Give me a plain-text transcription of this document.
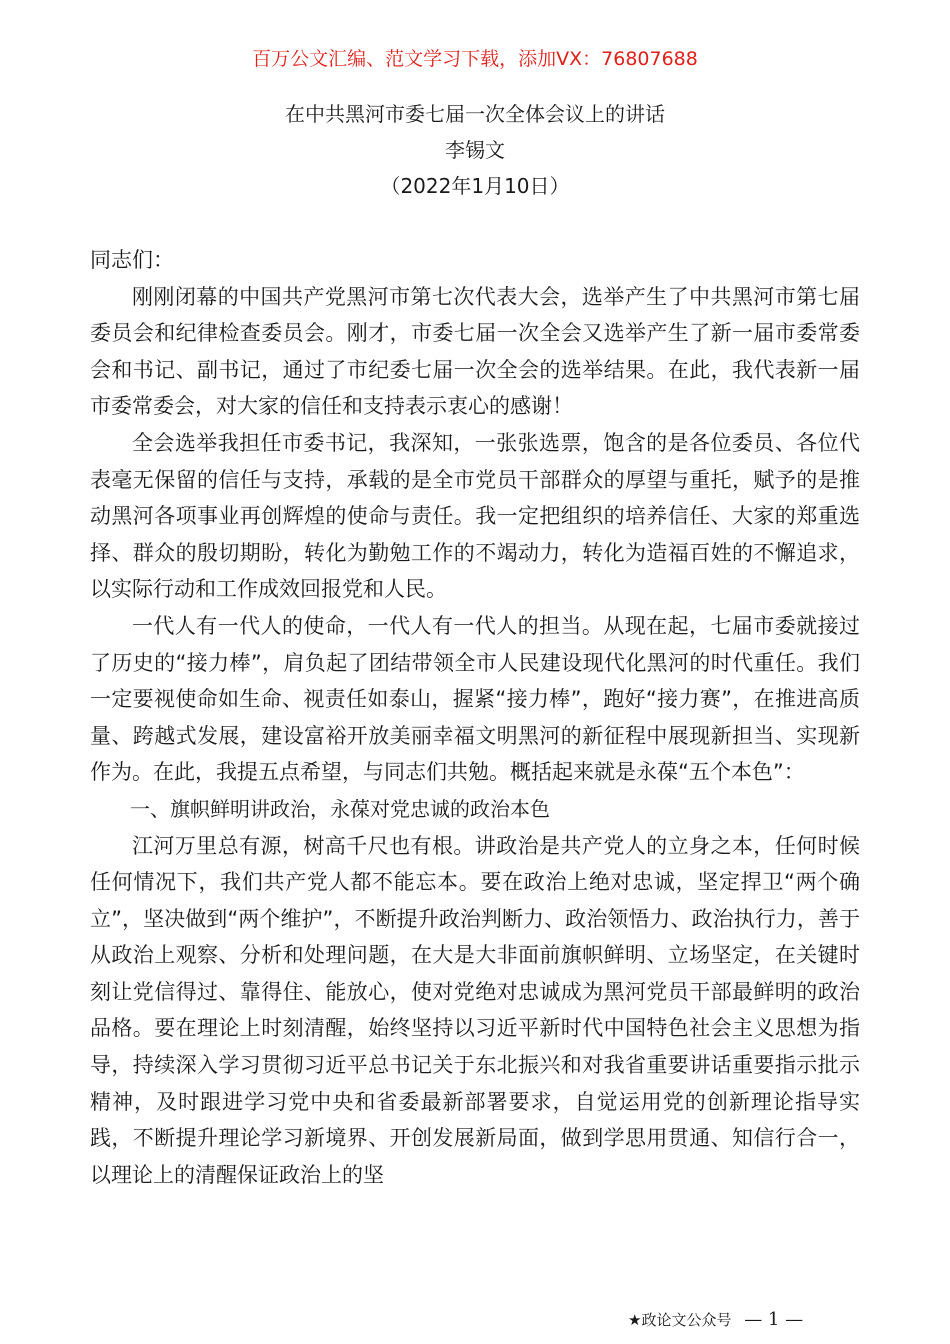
百万公文汇编、范文学习下载，添加VX：76807688
在中共黑河市委七届一次全体会议上的讲话
李锡文
（2022年1月10日）

同志们：

刚刚闭幕的中国共产党黑河市第七次代表大会，选举产生了中共黑河市第七届委员会和纪律检查委员会。刚才，市委七届一次全会又选举产生了新一届市委常委会和书记、副书记，通过了市纪委七届一次全会的选举结果。在此，我代表新一届市委常委会，对大家的信任和支持表示衷心的感谢！

全会选举我担任市委书记，我深知，一张张选票，饱含的是各位委员、各位代表毫无保留的信任与支持，承载的是全市党员干部群众的厚望与重托，赋予的是推动黑河各项事业再创辉煌的使命与责任。我一定把组织的培养信任、大家的郑重选择、群众的殷切期盼，转化为勤勉工作的不竭动力，转化为造福百姓的不懈追求，以实际行动和工作成效回报党和人民。

一代人有一代人的使命，一代人有一代人的担当。从现在起，七届市委就接过了历史的“接力棒”，肩负起了团结带领全市人民建设现代化黑河的时代重任。我们一定要视使命如生命、视责任如泰山，握紧“接力棒”，跑好“接力赛”，在推进高质量、跨越式发展，建设富裕开放美丽幸福文明黑河的新征程中展现新担当、实现新作为。在此，我提五点希望，与同志们共勉。概括起来就是永葆“五个本色”：

一、旗帜鲜明讲政治，永葆对党忠诚的政治本色

江河万里总有源，树高千尺也有根。讲政治是共产党人的立身之本，任何时候任何情况下，我们共产党人都不能忘本。要在政治上绝对忠诚，坚定捍卫“两个确立”，坚决做到“两个维护”，不断提升政治判断力、政治领悟力、政治执行力，善于从政治上观察、分析和处理问题，在大是大非面前旗帜鲜明、立场坚定，在关键时刻让党信得过、靠得住、能放心，使对党绝对忠诚成为黑河党员干部最鲜明的政治品格。要在理论上时刻清醒，始终坚持以习近平新时代中国特色社会主义思想为指导，持续深入学习贯彻习近平总书记关于东北振兴和对我省重要讲话重要指示批示精神，及时跟进学习党中央和省委最新部署要求，自觉运用党的创新理论指导实践，不断提升理论学习新境界、开创发展新局面，做到学思用贯通、知信行合一，以理论上的清醒保证政治上的坚

★政论文公众号 — 1 —
